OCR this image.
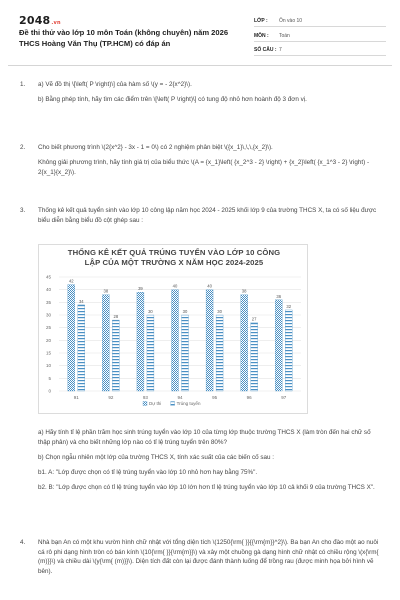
2048.vn
Đề thi thử vào lớp 10 môn Toán (không chuyên) năm 2026 THCS Hoàng Văn Thụ (TP.HCM) có đáp án
LỚP : Ôn vào 10
MÔN : Toán
SỐ CÂU : 7
1. a) Vẽ đồ thị \[\left( P \right)\] của hàm số \(y = - 2{x^2}\).

b) Bằng phép tính, hãy tìm các điểm trên \[\left( P \right)\] có tung độ nhỏ hơn hoành độ 3 đơn vị.

2. Cho biết phương trình \(2{x^2} - 3x - 1 = 0\) có 2 nghiệm phân biệt \({x_1}\,\,\,{x_2}\).

Không giải phương trình, hãy tính giá trị của biểu thức \(A = {x_1}\left( {x_2^3 - 2} \right) + {x_2}\left( {x_1^3 - 2} \right) - 2{x_1}{x_2}\).

3. Thống kê kết quả tuyển sinh vào lớp 10 công lập năm học 2024 - 2025 khối lớp 9 của trường THCS X, ta có số liệu được biểu diễn bằng biểu đồ cột ghép sau :

0
5
10
15
20
25
30
35
40
45
42
34
91
38
28
92
39
30
93
40
30
94
40
30
95
38
27
96
36
32
97
Dự thi	Trúng tuyển
THỐNG KÊ KẾT QUẢ TRÚNG TUYỂN VÀO LỚP 10 CÔNG LẬP CỦA MỘT TRƯỜNG X NĂM HỌC 2024-2025

a) Hãy tính tỉ lệ phần trăm học sinh trúng tuyển vào lớp 10 của từng lớp thuộc trường THCS X (làm tròn đến hai chữ số thập phân) và cho biết những lớp nào có tỉ lệ trúng tuyển trên 80%?

b) Chọn ngẫu nhiên một lớp của trường THCS X, tính xác suất của các biến cố sau :

b1. A: "Lớp được chọn có tỉ lệ trúng tuyển vào lớp 10 nhỏ hơn hay bằng 75%".

b2. B: "Lớp được chọn có tỉ lệ trúng tuyển vào lớp 10 lớn hơn tỉ lệ trúng tuyển vào lớp 10 cả khối 9 của trường THCS X".

4. Nhà bạn An có một khu vườn hình chữ nhật với tổng diện tích \(1250{\rm{ }}{{\rm{m}}^2}\). Ba bạn An cho đào một ao nuôi cá rô phi dạng hình tròn có bán kính \(10{\rm{ }}{\rm{m}}\) và xây một chuồng gà dạng hình chữ nhật có chiều rộng \(x{\rm{ (m)}}\) và chiều dài \(y{\rm{ (m)}}\). Diện tích đất còn lại được đánh thành luống để trồng rau (được minh họa bởi hình vẽ bên).
